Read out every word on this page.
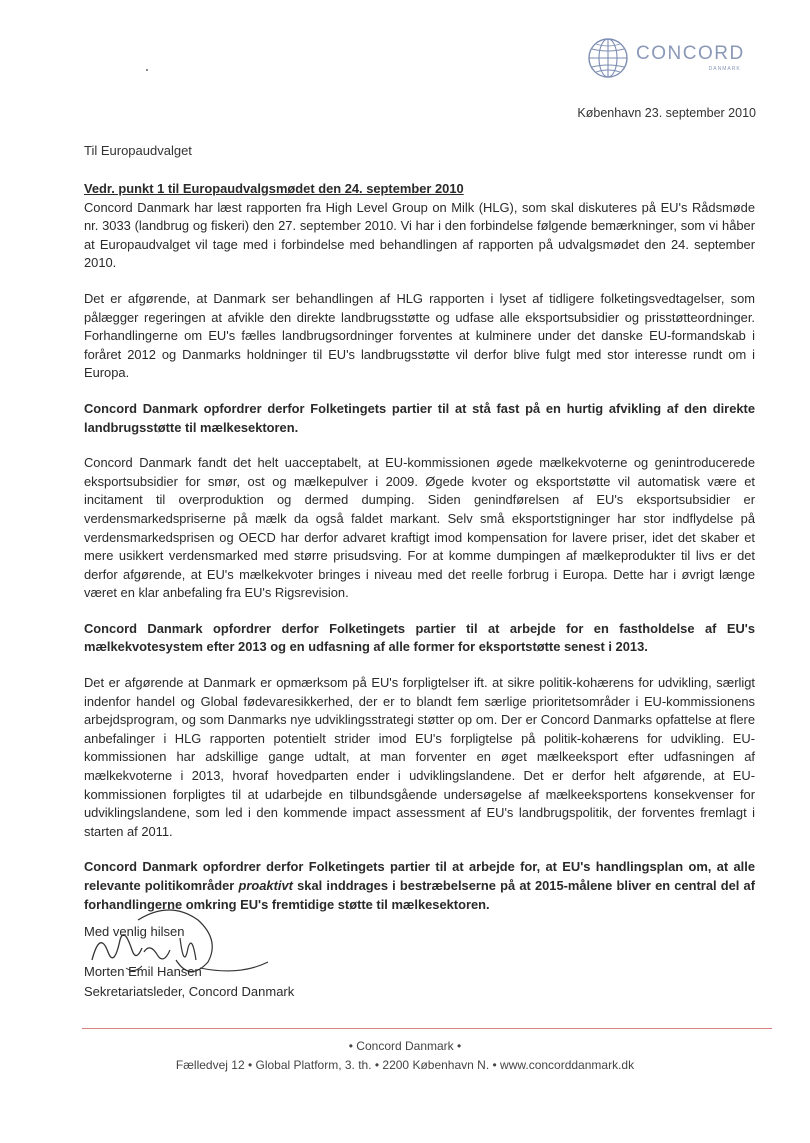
CONCORD
DANMARK
København 23. september 2010
Til Europaudvalget

Vedr. punkt 1 til Europaudvalgsmødet den 24. september 2010
Concord Danmark har læst rapporten fra High Level Group on Milk (HLG), som skal diskuteres på EU's Rådsmøde nr. 3033 (landbrug og fiskeri) den 27. september 2010. Vi har i den forbindelse følgende bemærkninger, som vi håber at Europaudvalget vil tage med i forbindelse med behandlingen af rapporten på udvalgsmødet den 24. september 2010.

Det er afgørende, at Danmark ser behandlingen af HLG rapporten i lyset af tidligere folketingsvedtagelser, som pålægger regeringen at afvikle den direkte landbrugsstøtte og udfase alle eksportsubsidier og prisstøtteordninger. Forhandlingerne om EU's fælles landbrugsordninger forventes at kulminere under det danske EU-formandskab i foråret 2012 og Danmarks holdninger til EU's landbrugsstøtte vil derfor blive fulgt med stor interesse rundt om i Europa.

Concord Danmark opfordrer derfor Folketingets partier til at stå fast på en hurtig afvikling af den direkte landbrugsstøtte til mælkesektoren.

Concord Danmark fandt det helt uacceptabelt, at EU-kommissionen øgede mælkekvoterne og genintroducerede eksportsubsidier for smør, ost og mælkepulver i 2009. Øgede kvoter og eksportstøtte vil automatisk være et incitament til overproduktion og dermed dumping. Siden genindførelsen af EU's eksportsubsidier er verdensmarkedspriserne på mælk da også faldet markant. Selv små eksportstigninger har stor indflydelse på verdensmarkedsprisen og OECD har derfor advaret kraftigt imod kompensation for lavere priser, idet det skaber et mere usikkert verdensmarked med større prisudsving. For at komme dumpingen af mælkeprodukter til livs er det derfor afgørende, at EU's mælkekvoter bringes i niveau med det reelle forbrug i Europa. Dette har i øvrigt længe været en klar anbefaling fra EU's Rigsrevision.

Concord Danmark opfordrer derfor Folketingets partier til at arbejde for en fastholdelse af EU's mælkekvotesystem efter 2013 og en udfasning af alle former for eksportstøtte senest i 2013.

Det er afgørende at Danmark er opmærksom på EU's forpligtelser ift. at sikre politik-kohærens for udvikling, særligt indenfor handel og Global fødevaresikkerhed, der er to blandt fem særlige prioritetsområder i EU-kommissionens arbejdsprogram, og som Danmarks nye udviklingsstrategi støtter op om. Der er Concord Danmarks opfattelse at flere anbefalinger i HLG rapporten potentielt strider imod EU's forpligtelse på politik-kohærens for udvikling. EU-kommissionen har adskillige gange udtalt, at man forventer en øget mælkeeksport efter udfasningen af mælkekvoterne i 2013, hvoraf hovedparten ender i udviklingslandene. Det er derfor helt afgørende, at EU-kommissionen forpligtes til at udarbejde en tilbundsgående undersøgelse af mælkeeksportens konsekvenser for udviklingslandene, som led i den kommende impact assessment af EU's landbrugspolitik, der forventes fremlagt i starten af 2011.

Concord Danmark opfordrer derfor Folketingets partier til at arbejde for, at EU's handlingsplan om, at alle relevante politikområder proaktivt skal inddrages i bestræbelserne på at 2015-målene bliver en central del af forhandlingerne omkring EU's fremtidige støtte til mælkesektoren.

Med venlig hilsen
Morten Emil Hansen
Sekretariatsleder, Concord Danmark
• Concord Danmark •
Fælledvej 12 • Global Platform, 3. th. • 2200 København N. • www.concorddanmark.dk
